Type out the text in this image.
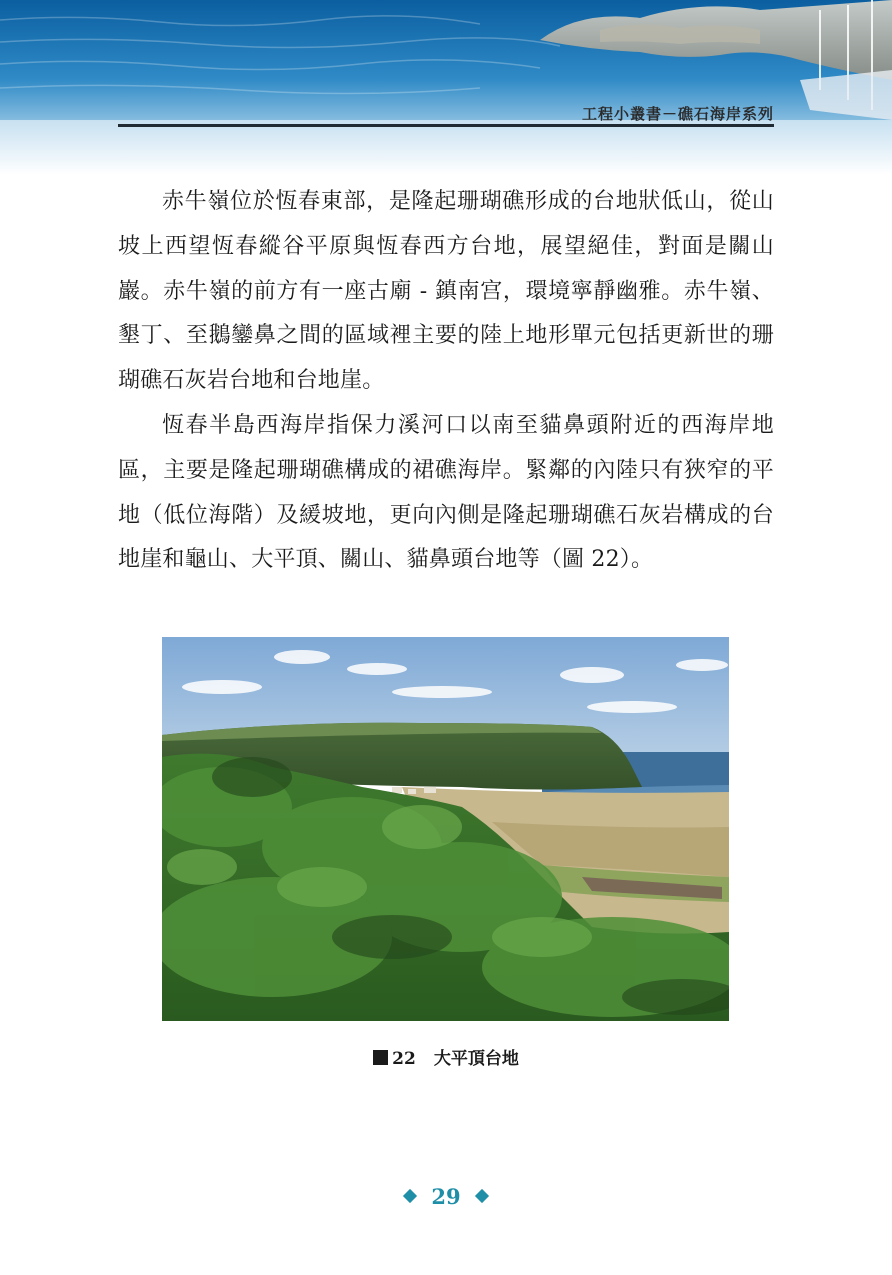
工程小叢書－礁石海岸系列

赤牛嶺位於恆春東部，是隆起珊瑚礁形成的台地狀低山，從山坡上西望恆春縱谷平原與恆春西方台地，展望絕佳，對面是關山巖。赤牛嶺的前方有一座古廟 - 鎮南宫，環境寧靜幽雅。赤牛嶺、墾丁、至鵝鑾鼻之間的區域裡主要的陸上地形單元包括更新世的珊瑚礁石灰岩台地和台地崖。

恆春半島西海岸指保力溪河口以南至貓鼻頭附近的西海岸地區，主要是隆起珊瑚礁構成的裙礁海岸。緊鄰的內陸只有狹窄的平地（低位海階）及緩坡地，更向內側是隆起珊瑚礁石灰岩構成的台地崖和龜山、大平頂、關山、貓鼻頭台地等（圖 22）。

22 大平頂台地
29
